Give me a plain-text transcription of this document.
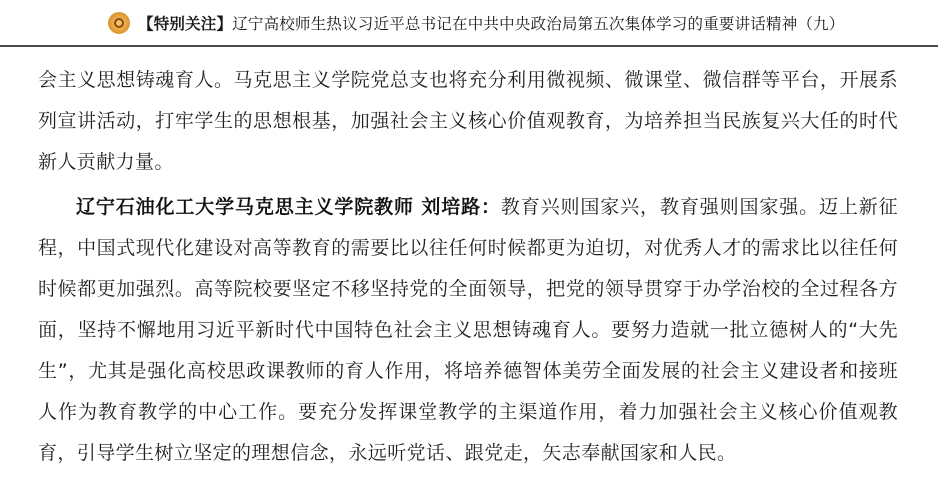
【特别关注】辽宁高校师生热议习近平总书记在中共中央政治局第五次集体学习的重要讲话精神（九）

会主义思想铸魂育人。马克思主义学院党总支也将充分利用微视频、微课堂、微信群等平台，开展系列宣讲活动，打牢学生的思想根基，加强社会主义核心价值观教育，为培养担当民族复兴大任的时代新人贡献力量。

辽宁石油化工大学马克思主义学院教师 刘培路：教育兴则国家兴，教育强则国家强。迈上新征程，中国式现代化建设对高等教育的需要比以往任何时候都更为迫切，对优秀人才的需求比以往任何时候都更加强烈。高等院校要坚定不移坚持党的全面领导，把党的领导贯穿于办学治校的全过程各方面，坚持不懈地用习近平新时代中国特色社会主义思想铸魂育人。要努力造就一批立德树人的“大先生”，尤其是强化高校思政课教师的育人作用，将培养德智体美劳全面发展的社会主义建设者和接班人作为教育教学的中心工作。要充分发挥课堂教学的主渠道作用，着力加强社会主义核心价值观教育，引导学生树立坚定的理想信念，永远听党话、跟党走，矢志奉献国家和人民。
